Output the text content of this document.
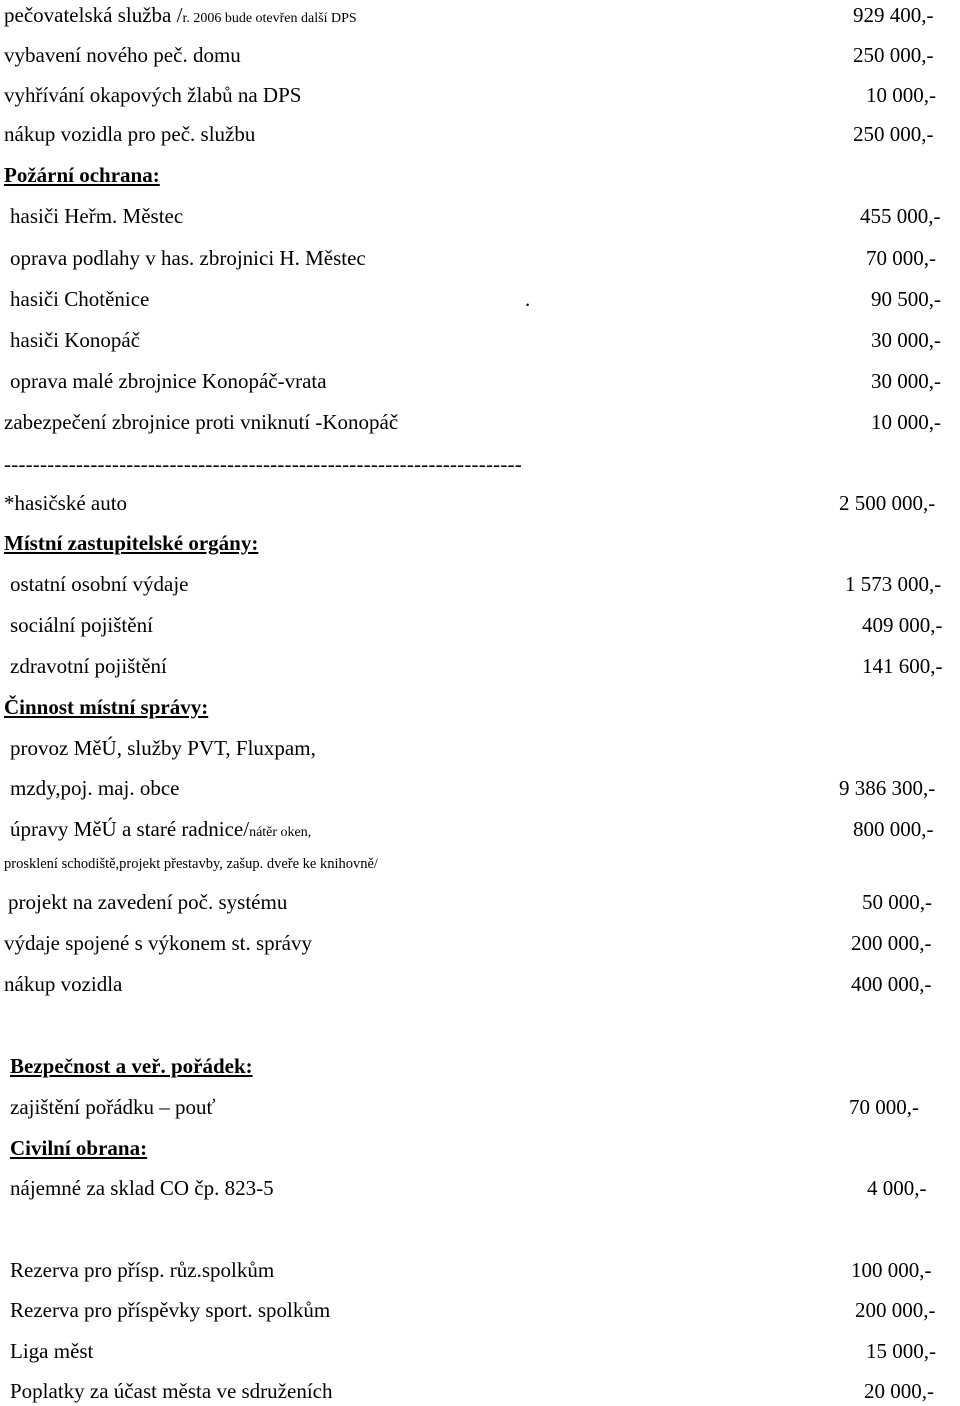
pečovatelská služba /r. 2006 bude otevřen další DPS	929 400,-
vybavení nového peč. domu	250 000,-
vyhřívání okapových žlabů na DPS	10 000,-
nákup vozidla pro peč. službu	250 000,-
Požární ochrana:
hasiči Heřm. Městec	455 000,-
oprava podlahy v has. zbrojnici H. Městec	70 000,-
hasiči Chotěnice	.	90 500,-
hasiči Konopáč	30 000,-
oprava malé zbrojnice Konopáč-vrata	30 000,-
zabezpečení zbrojnice proti vniknutí -Konopáč	10 000,-
------------------------------------------------------------------------
*hasičské auto	2 500 000,-
Místní zastupitelské orgány:
ostatní osobní výdaje	1 573 000,-
sociální pojištění	409 000,-
zdravotní pojištění	141 600,-
Činnost místní správy:
provoz MěÚ, služby PVT, Fluxpam,
mzdy,poj. maj. obce	9 386 300,-
úpravy MěÚ a staré radnice/nátěr oken,	800 000,-
prosklení schodiště,projekt přestavby, zašup. dveře ke knihovně/
projekt na zavedení poč. systému	50 000,-
výdaje spojené s výkonem st. správy	200 000,-
nákup vozidla	400 000,-
Bezpečnost a veř. pořádek:
zajištění pořádku – pouť	70 000,-
Civilní obrana:
nájemné za sklad CO čp. 823-5	4 000,-
Rezerva pro přísp. růz.spolkům	100 000,-
Rezerva pro příspěvky sport. spolkům	200 000,-
Liga měst	15 000,-
Poplatky za účast města ve sdruženích	20 000,-
